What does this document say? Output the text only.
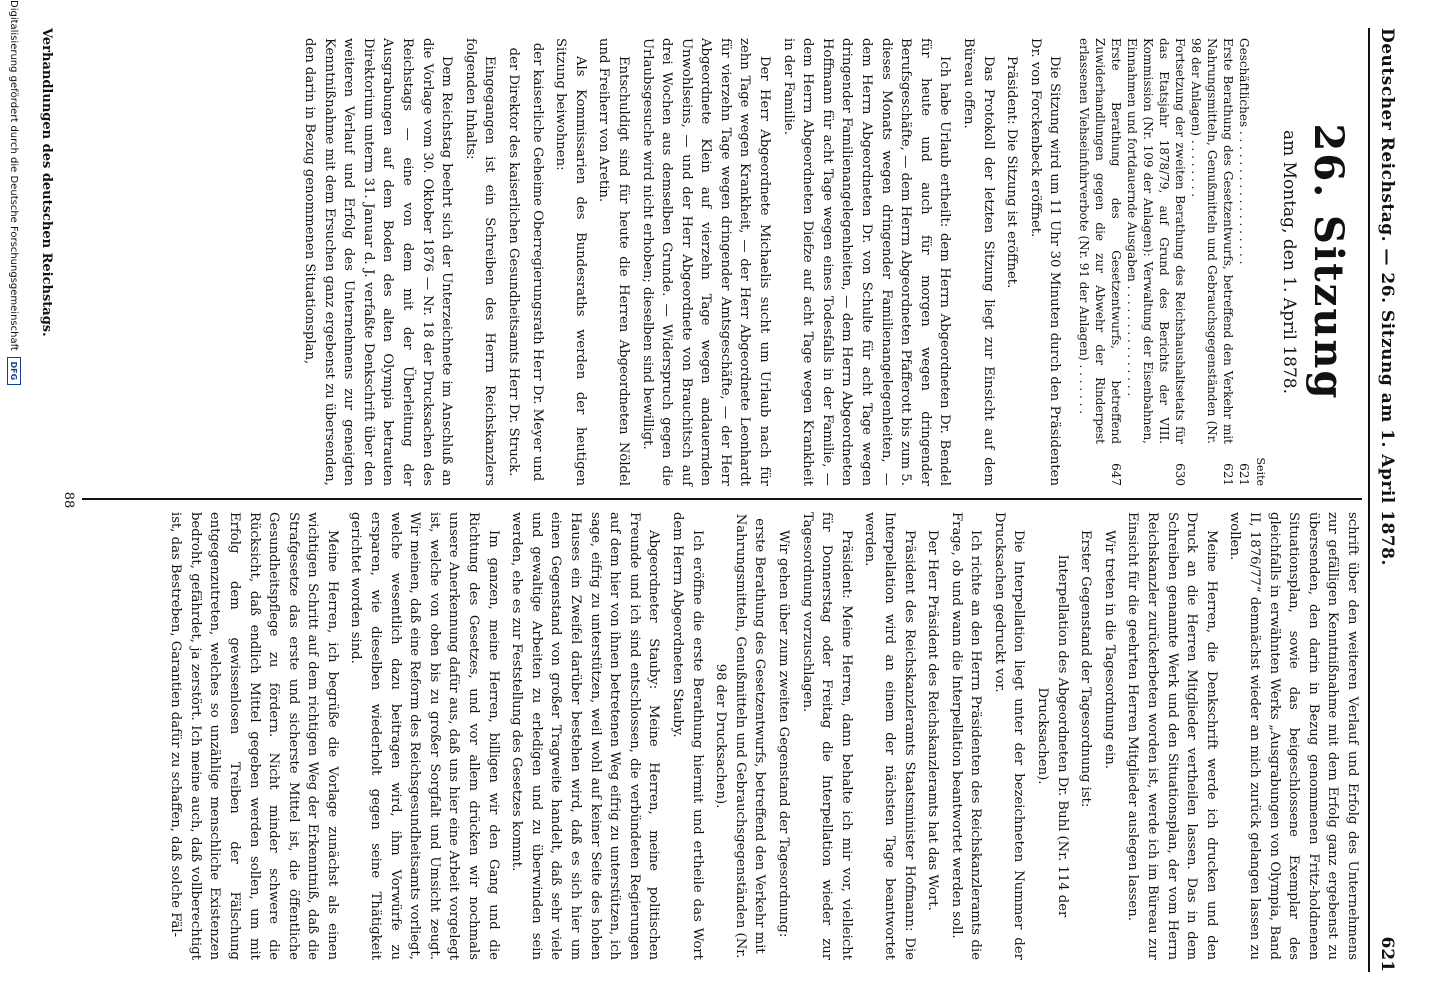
Deutscher Reichstag. — 26. Sitzung am 1. April 1878.
621
26. Sitzung
am Montag, den 1. April 1878.
Seite
Geschäftliches . . . . . . . . . . . . . . . . . .
621
Erste Berathung des Gesetzentwurfs, betreffend den Verkehr mit Nahrungsmitteln, Genußmitteln und Gebrauchsgegenständen (Nr. 98 der Anlagen) . . . . . . . .
621
Fortsetzung der zweiten Berathung des Reichshaushaltsetats für das Etatsjahr 1878/79, auf Grund des Berichts der VIII. Kommission (Nr. 109 der Anlagen): Verwaltung der Eisenbahnen, Einnahmen und fortdauernde Ausgaben . . . . . . . . . . . . . . .
630
Erste Berathung des Gesetzentwurfs, betreffend Zuwiderhandlungen gegen die zur Abwehr der Rinderpest erlassenen Viehseinfuhrverbote (Nr. 91 der Anlagen) . . . . . . .
647

Die Sitzung wird um 11 Uhr 30 Minuten durch den Präsidenten Dr. von Forckenbeck eröffnet.

Präsident: Die Sitzung ist eröffnet.

Das Protokoll der letzten Sitzung liegt zur Einsicht auf dem Büreau offen.

Ich habe Urlaub ertheilt: dem Herrn Abgeordneten Dr. Bendel für heute und auch für morgen wegen dringender Berufsgeschäfte, — dem Herrn Abgeordneten Pfafferott bis zum 5. dieses Monats wegen dringender Familienangelegenheiten, — dem Herrn Abgeordneten Dr. von Schulte für acht Tage wegen dringender Familienangelegenheiten, — dem Herrn Abgeordneten Hoffmann für acht Tage wegen eines Todesfalls in der Familie, — dem Herrn Abgeordneten Diefze auf acht Tage wegen Krankheit in der Familie.

Der Herr Abgeordnete Michaelis sucht um Urlaub nach für zehn Tage wegen Krankheit, — der Herr Abgeordnete Leonhardt für vierzehn Tage wegen dringender Amtsgeschäfte, — der Herr Abgeordnete Klein auf vierzehn Tage wegen andauernden Unwohlseins, — und der Herr Abgeordnete von Brauchitsch auf drei Wochen aus demselben Grunde. — Widerspruch gegen die Urlaubsgesuche wird nicht erhoben; dieselben sind bewilligt.

Entschuldigt sind für heute die Herren Abgeordneten Nöldel und Freiherr von Aretin.

Als Kommissarien des Bundesraths werden der heutigen Sitzung beiwohnen:

der kaiserliche Geheime Oberregierungsrath Herr Dr. Meyer und

der Direktor des kaiserlichen Gesundheitsamts Herr Dr. Struck.

Eingegangen ist ein Schreiben des Herrn Reichskanzlers folgenden Inhalts:

Dem Reichstag beehrt sich der Unterzeichnete im Anschluß an die Vorlage vom 30. Oktober 1876 — Nr. 18 der Drucksachen des Reichstags — eine von dem mit der Überleitung der Ausgrabungen auf dem Boden des alten Olympia betrauten Direktorium unterm 31. Januar d. J. verfaßte Denkschrift über den weiteren Verlauf und Erfolg des Unternehmens zur geneigten Kenntnißnahme mit dem Ersuchen ganz ergebenst zu übersenden, den darin in Bezug genommenen Situationsplan,

schrift über den weiteren Verlauf und Erfolg des Unternehmens zur gefälligen Kenntnißnahme mit dem Erfolg ganz ergebenst zu übersenden, den darin in Bezug genommenen Fritz-holdnenen Situationsplan, sowie das beigeschlossene Exemplar des gleichfalls in erwähnten Werks „Ausgrabungen von Olympia, Band II, 1876/77“ demnächst wieder an mich zurück gelangen lassen zu wollen.

Meine Herren, die Denkschrift werde ich drucken und den Druck an die Herren Mitglieder vertheilen lassen. Das in dem Schreiben genannte Werk und den Situationsplan, der vom Herrn Reichskanzler zurückerbeten worden ist, werde ich im Büreau zur Einsicht für die geehrten Herren Mitglieder auslegen lassen.

Wir treten in die Tagesordnung ein.

Erster Gegenstand der Tagesordnung ist:

Interpellation des Abgeordneten Dr. Buhl (Nr. 114 der Drucksachen).

Die Interpellation liegt unter der bezeichneten Nummer der Drucksachen gedruckt vor.

Ich richte an den Herrn Präsidenten des Reichskanzleramts die Frage, ob und wann die Interpellation beantwortet werden soll.

Der Herr Präsident des Reichskanzleramts hat das Wort.

Präsident des Reichskanzleramts Staatsminister Hofmann: Die Interpellation wird an einem der nächsten Tage beantwortet werden.

Präsident: Meine Herren, dann behalte ich mir vor, vielleicht für Donnerstag oder Freitag die Interpellation wieder zur Tagesordnung vorzuschlagen.

Wir gehen über zum zweiten Gegenstand der Tagesordnung:

erste Berathung des Gesetzentwurfs, betreffend den Verkehr mit Nahrungsmitteln, Genußmitteln und Gebrauchsgegenständen (Nr. 98 der Drucksachen).

Ich eröffne die erste Berathung hiermit und ertheile das Wort dem Herrn Abgeordneten Stauby.

Abgeordneter Stauby: Meine Herren, meine politischen Freunde und ich sind entschlossen, die verbündeten Regierungen auf dem hier von ihnen betretenen Weg eifrig zu unterstützen, ich sage, eifrig zu unterstützen, weil wohl auf keiner Seite des hohen Hauses ein Zweifel darüber bestehen wird, daß es sich hier um einen Gegenstand von großer Tragweite handelt, daß sehr viele und gewaltige Arbeiten zu erledigen und zu überwinden sein werden, ehe es zur Feststellung des Gesetzes kommt.

Im ganzen, meine Herren, billigen wir den Gang und die Richtung des Gesetzes, und vor allem drücken wir nochmals unsere Anerkennung dafür aus, daß uns hier eine Arbeit vorgelegt ist, welche von oben bis zu großer Sorgfalt und Umsicht zeugt. Wir meinen, daß eine Reform des Reichsgesundheitsamts vorliegt, welche wesentlich dazu beitragen wird, ihm Vorwürfe zu ersparen, wie dieselben wiederholt gegen seine Thätigkeit gerichtet worden sind.

Meine Herren, ich begrüße die Vorlage zunächst als einen wichtigen Schritt auf dem richtigen Weg der Erkenntniß, daß die Strafgesetze das erste und sicherste Mittel ist, die öffentliche Gesundheitspflege zu fördern. Nicht minder schwere die Rücksicht, daß endlich Mittel gegeben werden sollen, um mit Erfolg dem gewissenlosen Treiben der Fälschung entgegenzutreten, welches so unzählige menschliche Existenzen bedroht, gefährdet, ja zerstört. Ich meine auch, daß vollberechtigt ist, das Bestreben, Garantien dafür zu schaffen, daß solche Fäl-

88
Verhandlungen des deutschen Reichstags.
Digitalisierung gefördert durch die Deutsche Forschungsgemeinschaft
DFG
